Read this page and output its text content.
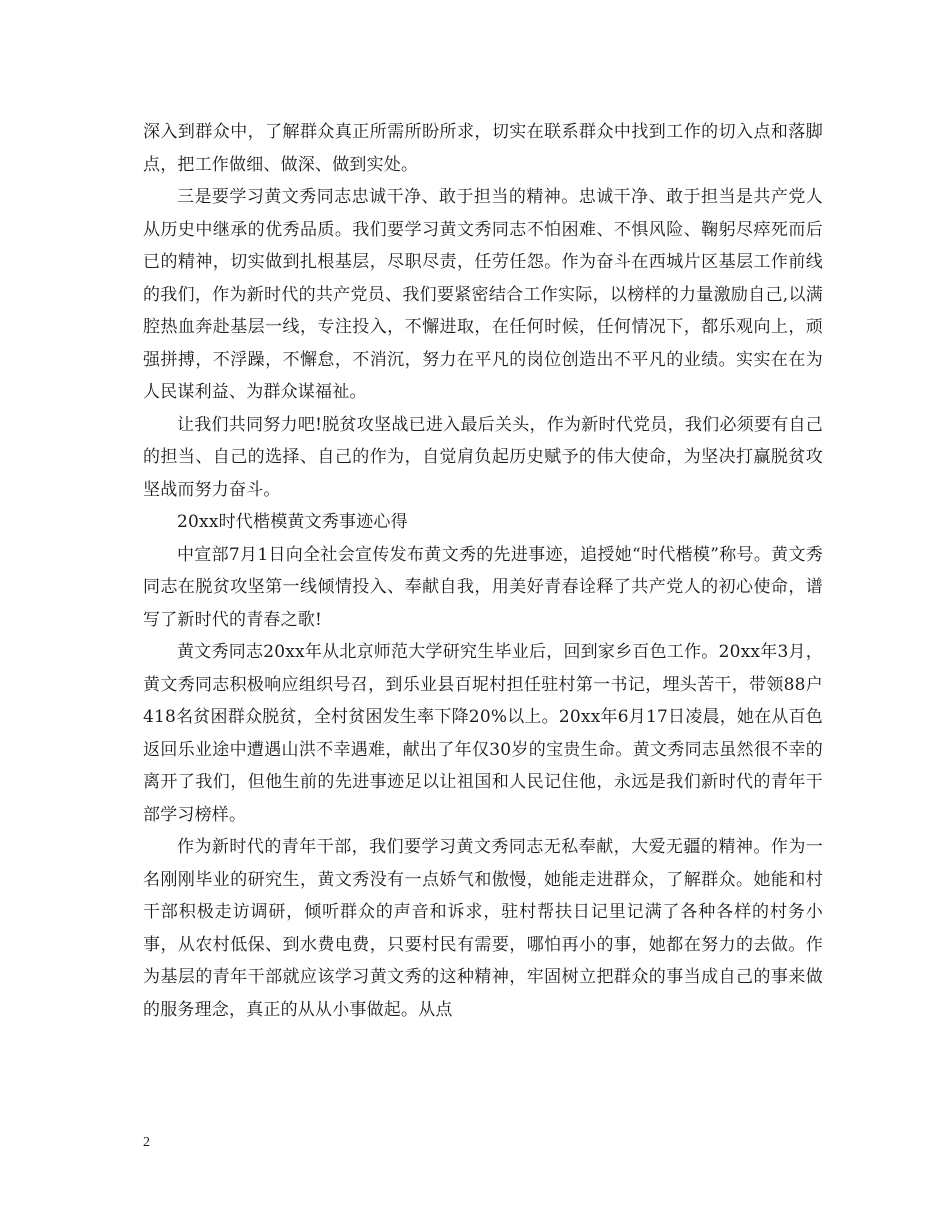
深入到群众中，了解群众真正所需所盼所求，切实在联系群众中找到工作的切入点和落脚点，把工作做细、做深、做到实处。

三是要学习黄文秀同志忠诚干净、敢于担当的精神。忠诚干净、敢于担当是共产党人从历史中继承的优秀品质。我们要学习黄文秀同志不怕困难、不惧风险、鞠躬尽瘁死而后已的精神，切实做到扎根基层，尽职尽责，任劳任怨。作为奋斗在西城片区基层工作前线的我们，作为新时代的共产党员、我们要紧密结合工作实际，以榜样的力量激励自己,以满腔热血奔赴基层一线，专注投入，不懈进取，在任何时候，任何情况下，都乐观向上，顽强拼搏，不浮躁，不懈怠，不消沉，努力在平凡的岗位创造出不平凡的业绩。实实在在为人民谋利益、为群众谋福祉。

让我们共同努力吧!脱贫攻坚战已进入最后关头，作为新时代党员，我们必须要有自己的担当、自己的选择、自己的作为，自觉肩负起历史赋予的伟大使命，为坚决打赢脱贫攻坚战而努力奋斗。

20xx时代楷模黄文秀事迹心得

中宣部7月1日向全社会宣传发布黄文秀的先进事迹，追授她“时代楷模”称号。黄文秀同志在脱贫攻坚第一线倾情投入、奉献自我，用美好青春诠释了共产党人的初心使命，谱写了新时代的青春之歌!

黄文秀同志20xx年从北京师范大学研究生毕业后，回到家乡百色工作。20xx年3月，黄文秀同志积极响应组织号召，到乐业县百坭村担任驻村第一书记，埋头苦干，带领88户418名贫困群众脱贫，全村贫困发生率下降20%以上。20xx年6月17日凌晨，她在从百色返回乐业途中遭遇山洪不幸遇难，献出了年仅30岁的宝贵生命。黄文秀同志虽然很不幸的离开了我们，但他生前的先进事迹足以让祖国和人民记住他，永远是我们新时代的青年干部学习榜样。

作为新时代的青年干部，我们要学习黄文秀同志无私奉献，大爱无疆的精神。作为一名刚刚毕业的研究生，黄文秀没有一点娇气和傲慢，她能走进群众，了解群众。她能和村干部积极走访调研，倾听群众的声音和诉求，驻村帮扶日记里记满了各种各样的村务小事，从农村低保、到水费电费，只要村民有需要，哪怕再小的事，她都在努力的去做。作为基层的青年干部就应该学习黄文秀的这种精神，牢固树立把群众的事当成自己的事来做的服务理念，真正的从从小事做起。从点

2
